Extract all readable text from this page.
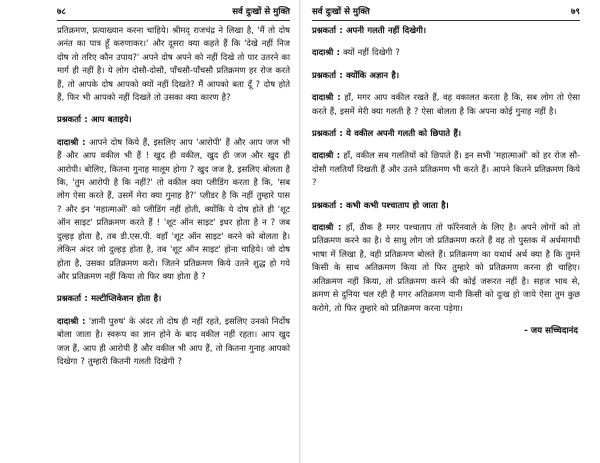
७८	सर्व दुःखों से मुक्ति

प्रतिक्रमण, प्रत्याख्यान करना चाहिये। श्रीमद् राजचंद्र ने लिखा है, 'मैं तो दोष अनंत का पात्र हूँ करुणाकर।' और दूसरा क्या कहते हैं कि 'देखे नहीं निज दोष तो तरिए कौन उपाय?' अपने दोष अपने को नहीं दिखे तो पार उतरने का मार्ग ही नहीं है। ये लोग दोसौ-दोसौ, पाँचसौ-पाँचसौ प्रतिक्रमण हर रोज करते हैं, तो आपके दोष आपको क्यों नहीं दिखते? मैं आपको बता दूँ ? दोष होते हैं, फिर भी आपको नहीं दिखते तो उसका क्या कारण है?

प्रश्नकर्ता : आप बताइये।

दादाश्री : आपने दोष किये हैं, इसलिए आप 'आरोपी' हैं और आप जज भी हैं और आप वकील भी हैं ! खुद ही वकील, खुद ही जज और खुद ही आरोपी। बोलिए, कितना गुनाह मालूम होगा ? खुद जज है, इसलिए बोलता है कि, 'तुम आरोपी है कि नहीं?' तो वकील क्या प्लीडिंग करता है कि, 'सब लोग ऐसा करते हैं, उसमें मेरा क्या गुनाह है?' प्लीडर है कि नहीं तुम्हारे पास ? और इन 'महात्माओं' को प्लीडिंग नहीं होती, क्योंकि ये दोष होते ही 'शूट ऑन साइट' प्रतिक्रमण करते हैं ! 'शूट ऑन साइट' इधर होता है न ? जब दुल्हड़ होता है, तब डी.एस.पी. वहाँ 'शूट ऑन साइट' करने को बोलता है। लेकिन अंदर जो दुल्हड़ होता है, तब 'शूट ऑन साइट' होना चाहिये। जो दोष होता है, उसका प्रतिक्रमण करो। जितने प्रतिक्रमण किये उतने शुद्ध हो गये और प्रतिक्रमण नहीं किया तो फिर क्या होता है ?

प्रश्नकर्ता : मल्टीप्लिकेशन होता है।

दादाश्री : 'ज्ञानी पुरुष' के अंदर तो दोष ही नहीं रहते, इसलिए उनको निर्दोष बोला जाता है। स्वरूप का ज्ञान होने के बाद वकील नहीं रहता। आप खुद जज हैं, आप ही आरोपी हैं और वकील भी आप हैं, तो कितना गुनाह आपको दिखेगा ? तुम्हारी कितनी गलती दिखेगी ?

सर्व दुःखों से मुक्ति	७९

प्रश्नकर्ता : अपनी गलती नहीं दिखेगी।

दादाश्री : क्यों नहीं दिखेगी ?

प्रश्नकर्ता : क्योंकि अज्ञान है।

दादाश्री : हाँ, मगर आप वकील रखते हैं, वह वकालत करता है कि, सब लोग तो ऐसा करते हैं, इसमें मेरी क्या गलती है ? ऐसा बोलता है कि अपना कोई गुनाह नहीं है।

प्रश्नकर्ता : ये वकील अपनी गलती को छिपाते हैं।

दादाश्री : हाँ, वकील सब गलतियों को छिपाते हैं। इन सभी 'महात्माओं' को हर रोज सौ-दोसौ गलतियाँ दिखती हैं और उतने प्रतिक्रमण भी करते हैं। आपने कितने प्रतिक्रमण किये ?

प्रश्नकर्ता : कभी कभी पश्चाताप हो जाता है।

दादाश्री : हाँ, ठीक है मगर पश्चाताप तो फॉरेनवाले के लिए है। अपने लोगों को तो प्रतिक्रमण करने का है। ये साधु लोग जो प्रतिक्रमण करते हैं वह तो पुस्तक में अर्धमागधी भाषा में लिखा है, वही प्रतिक्रमण बोलते हैं। प्रतिक्रमण का यथार्थ अर्थ क्या है कि तुमने किसी के साथ अतिक्रमण किया तो फिर तुम्हारे को प्रतिक्रमण करना ही चाहिए। अतिक्रमण नहीं किया, तो प्रतिक्रमण करने की कोई जरूरत नहीं है। सहज भाव से, क्रमण से दुनिया चल रही है मगर अतिक्रमण यानी किसी को दुःख हो जाये ऐसा तुम कुछ करोगे, तो फिर तुम्हारे को प्रतिक्रमण करना पड़ेगा।

- जय सच्चिदानंद
